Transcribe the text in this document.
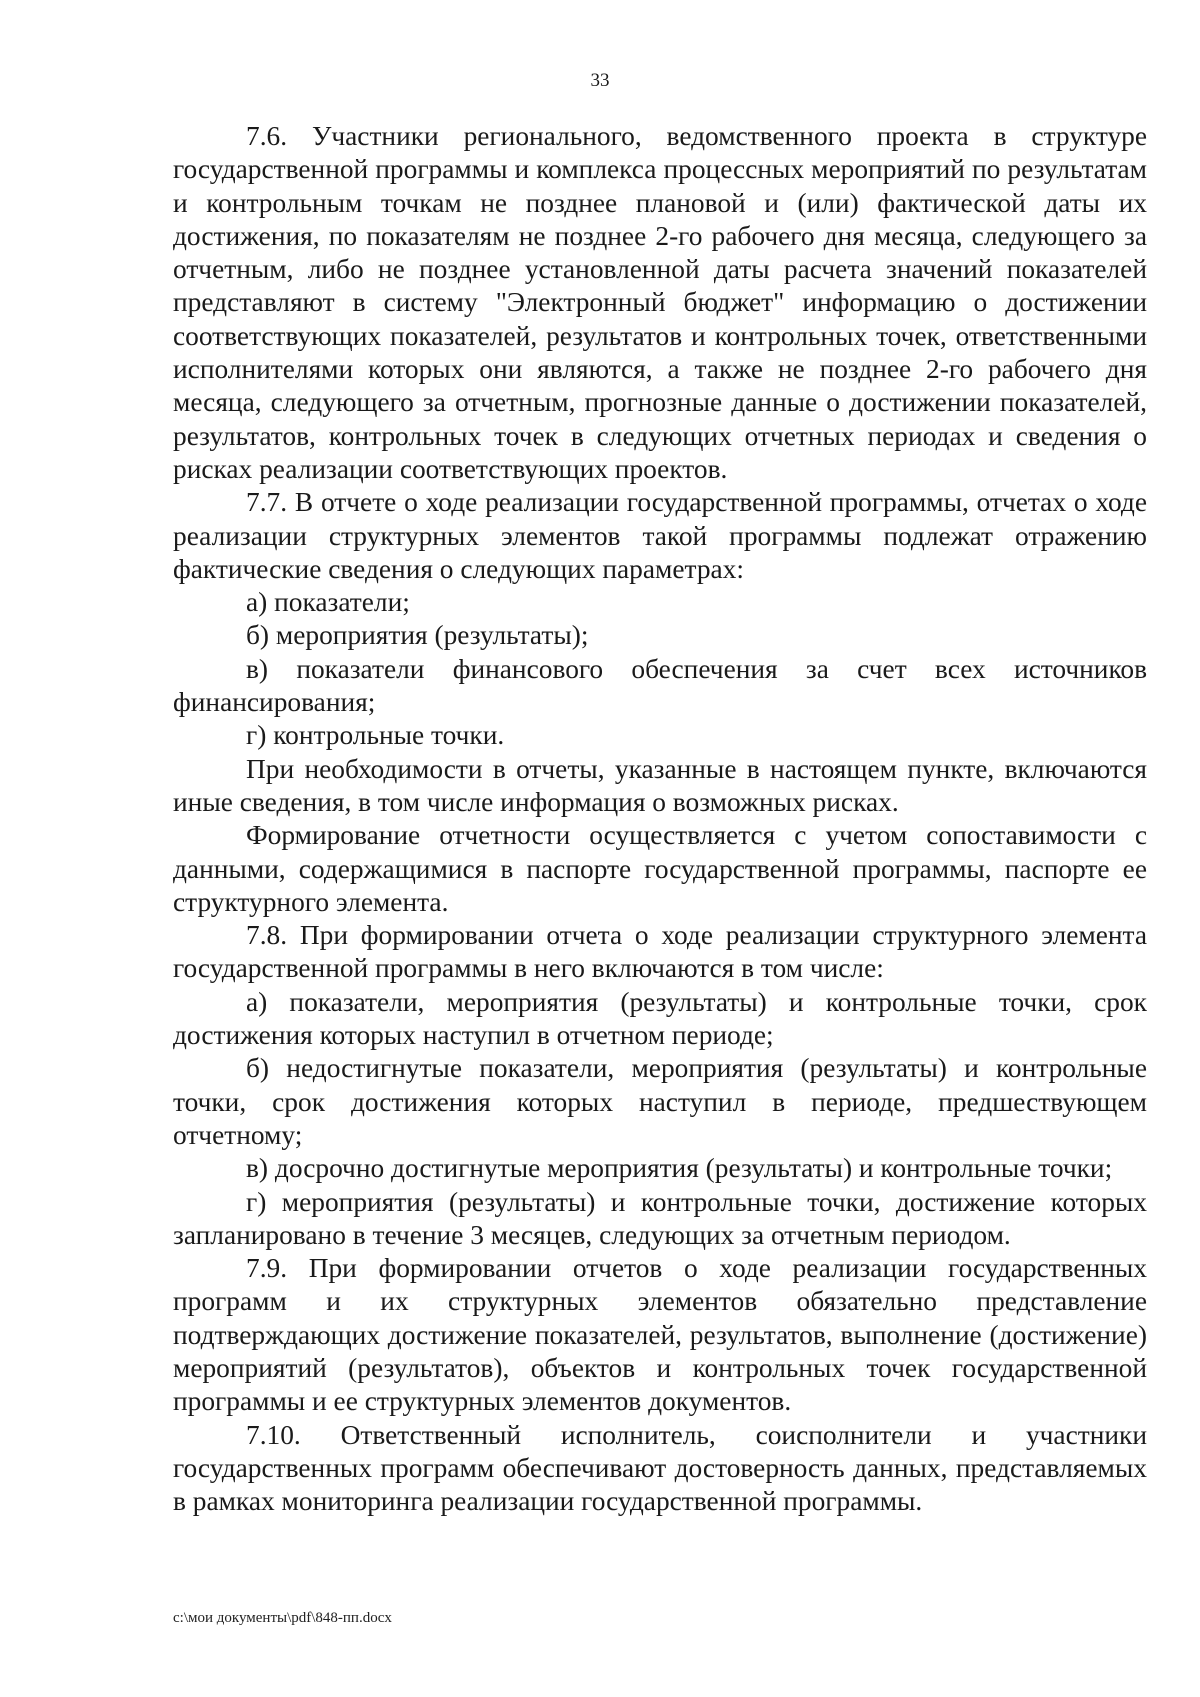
33

7.6. Участники регионального, ведомственного проекта в структуре государственной программы и комплекса процессных мероприятий по результатам и контрольным точкам не позднее плановой и (или) фактической даты их достижения, по показателям не позднее 2-го рабочего дня месяца, следующего за отчетным, либо не позднее установленной даты расчета значений показателей представляют в систему "Электронный бюджет" информацию о достижении соответствующих показателей, результатов и контрольных точек, ответственными исполнителями которых они являются, а также не позднее 2-го рабочего дня месяца, следующего за отчетным, прогнозные данные о достижении показателей, результатов, контрольных точек в следующих отчетных периодах и сведения о рисках реализации соответствующих проектов.

7.7. В отчете о ходе реализации государственной программы, отчетах о ходе реализации структурных элементов такой программы подлежат отражению фактические сведения о следующих параметрах:

а) показатели;

б) мероприятия (результаты);

в) показатели финансового обеспечения за счет всех источников финансирования;

г) контрольные точки.

При необходимости в отчеты, указанные в настоящем пункте, включаются иные сведения, в том числе информация о возможных рисках.

Формирование отчетности осуществляется с учетом сопоставимости с данными, содержащимися в паспорте государственной программы, паспорте ее структурного элемента.

7.8. При формировании отчета о ходе реализации структурного элемента государственной программы в него включаются в том числе:

а) показатели, мероприятия (результаты) и контрольные точки, срок достижения которых наступил в отчетном периоде;

б) недостигнутые показатели, мероприятия (результаты) и контрольные точки, срок достижения которых наступил в периоде, предшествующем отчетному;

в) досрочно достигнутые мероприятия (результаты) и контрольные точки;

г) мероприятия (результаты) и контрольные точки, достижение которых запланировано в течение 3 месяцев, следующих за отчетным периодом.

7.9. При формировании отчетов о ходе реализации государственных программ и их структурных элементов обязательно представление подтверждающих достижение показателей, результатов, выполнение (достижение) мероприятий (результатов), объектов и контрольных точек государственной программы и ее структурных элементов документов.

7.10. Ответственный исполнитель, соисполнители и участники государственных программ обеспечивают достоверность данных, представляемых в рамках мониторинга реализации государственной программы.

c:\мои документы\pdf\848-пп.docx
